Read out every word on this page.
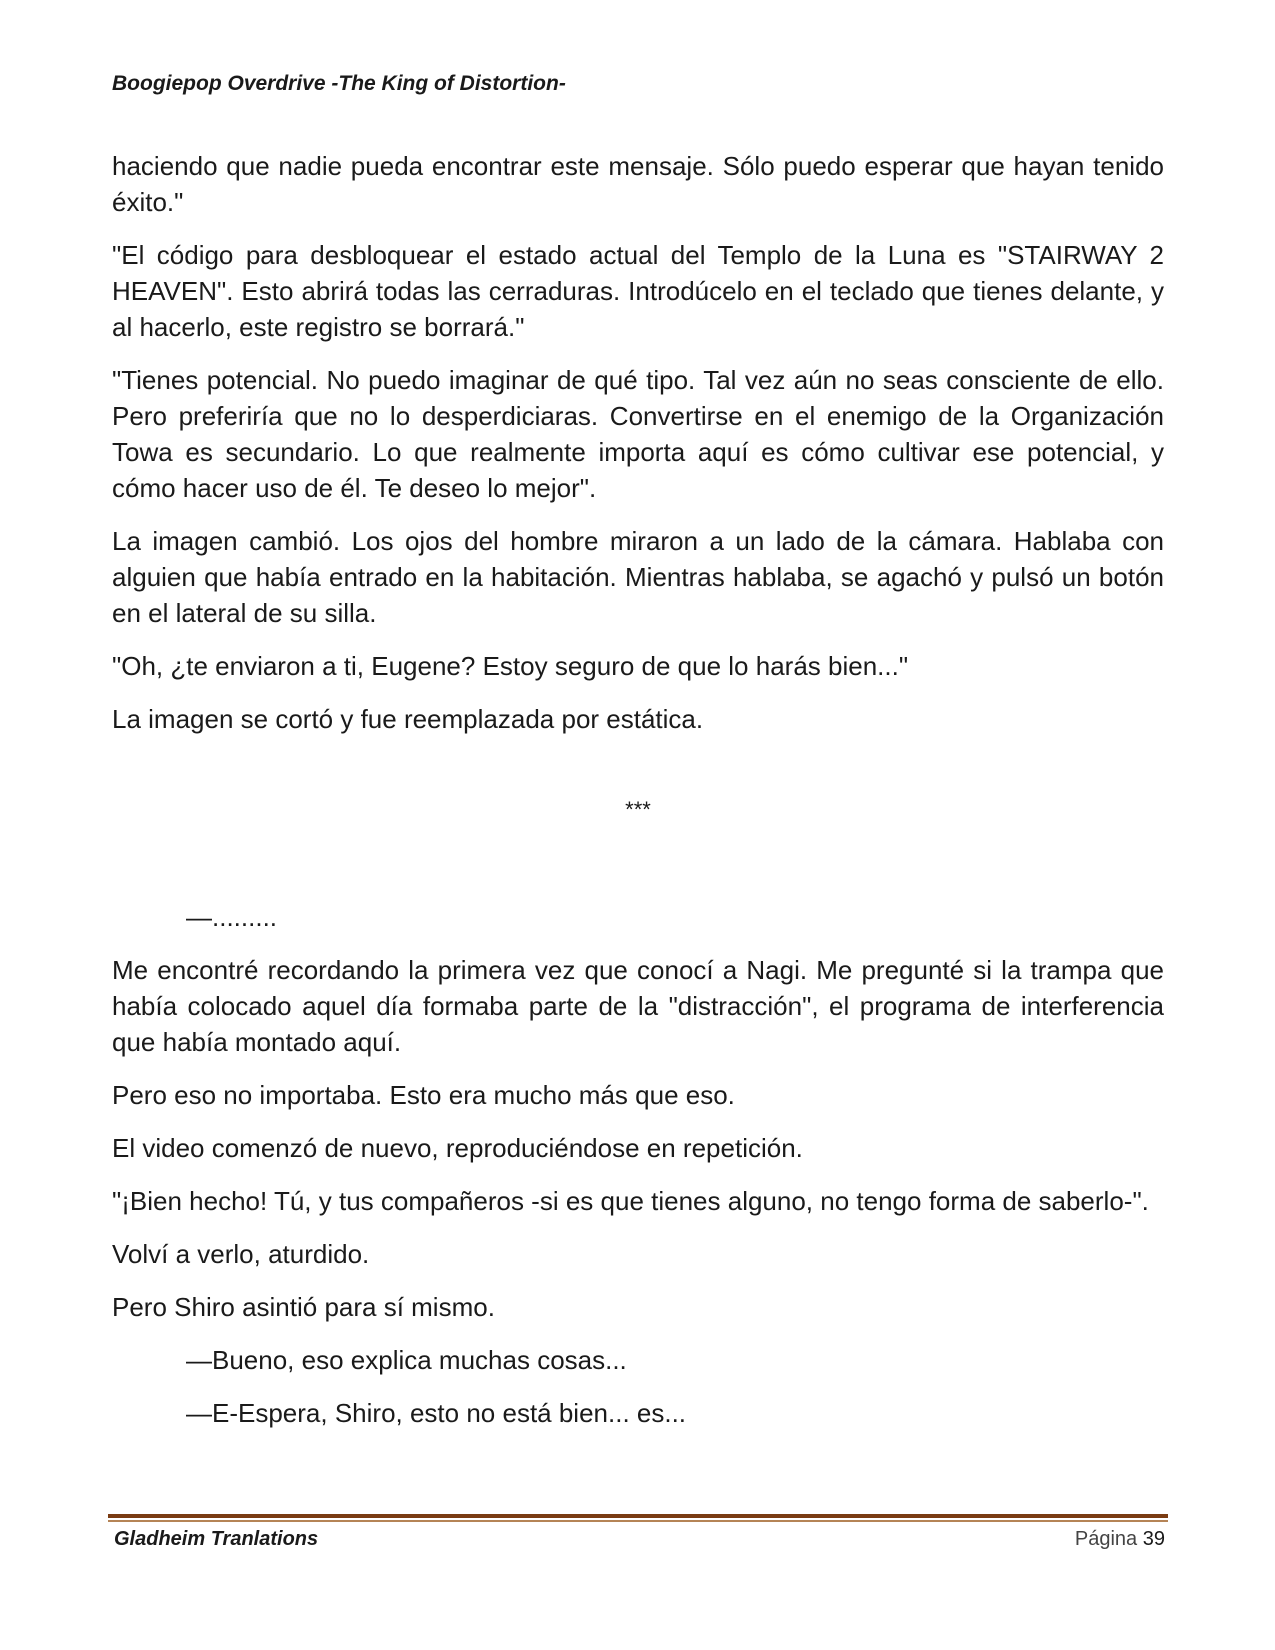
Boogiepop Overdrive -The King of Distortion-

haciendo que nadie pueda encontrar este mensaje. Sólo puedo esperar que hayan tenido éxito."

"El código para desbloquear el estado actual del Templo de la Luna es "STAIRWAY 2 HEAVEN". Esto abrirá todas las cerraduras. Introdúcelo en el teclado que tienes delante, y al hacerlo, este registro se borrará."

"Tienes potencial. No puedo imaginar de qué tipo. Tal vez aún no seas consciente de ello. Pero preferiría que no lo desperdiciaras. Convertirse en el enemigo de la Organización Towa es secundario. Lo que realmente importa aquí es cómo cultivar ese potencial, y cómo hacer uso de él. Te deseo lo mejor".

La imagen cambió. Los ojos del hombre miraron a un lado de la cámara. Hablaba con alguien que había entrado en la habitación. Mientras hablaba, se agachó y pulsó un botón en el lateral de su silla.

"Oh, ¿te enviaron a ti, Eugene? Estoy seguro de que lo harás bien..."

La imagen se cortó y fue reemplazada por estática.

***

—.........

Me encontré recordando la primera vez que conocí a Nagi. Me pregunté si la trampa que había colocado aquel día formaba parte de la "distracción", el programa de interferencia que había montado aquí.

Pero eso no importaba. Esto era mucho más que eso.

El video comenzó de nuevo, reproduciéndose en repetición.

"¡Bien hecho! Tú, y tus compañeros -si es que tienes alguno, no tengo forma de saberlo-".

Volví a verlo, aturdido.

Pero Shiro asintió para sí mismo.

—Bueno, eso explica muchas cosas...

—E-Espera, Shiro, esto no está bien... es...

Gladheim Tranlations	Página 39
